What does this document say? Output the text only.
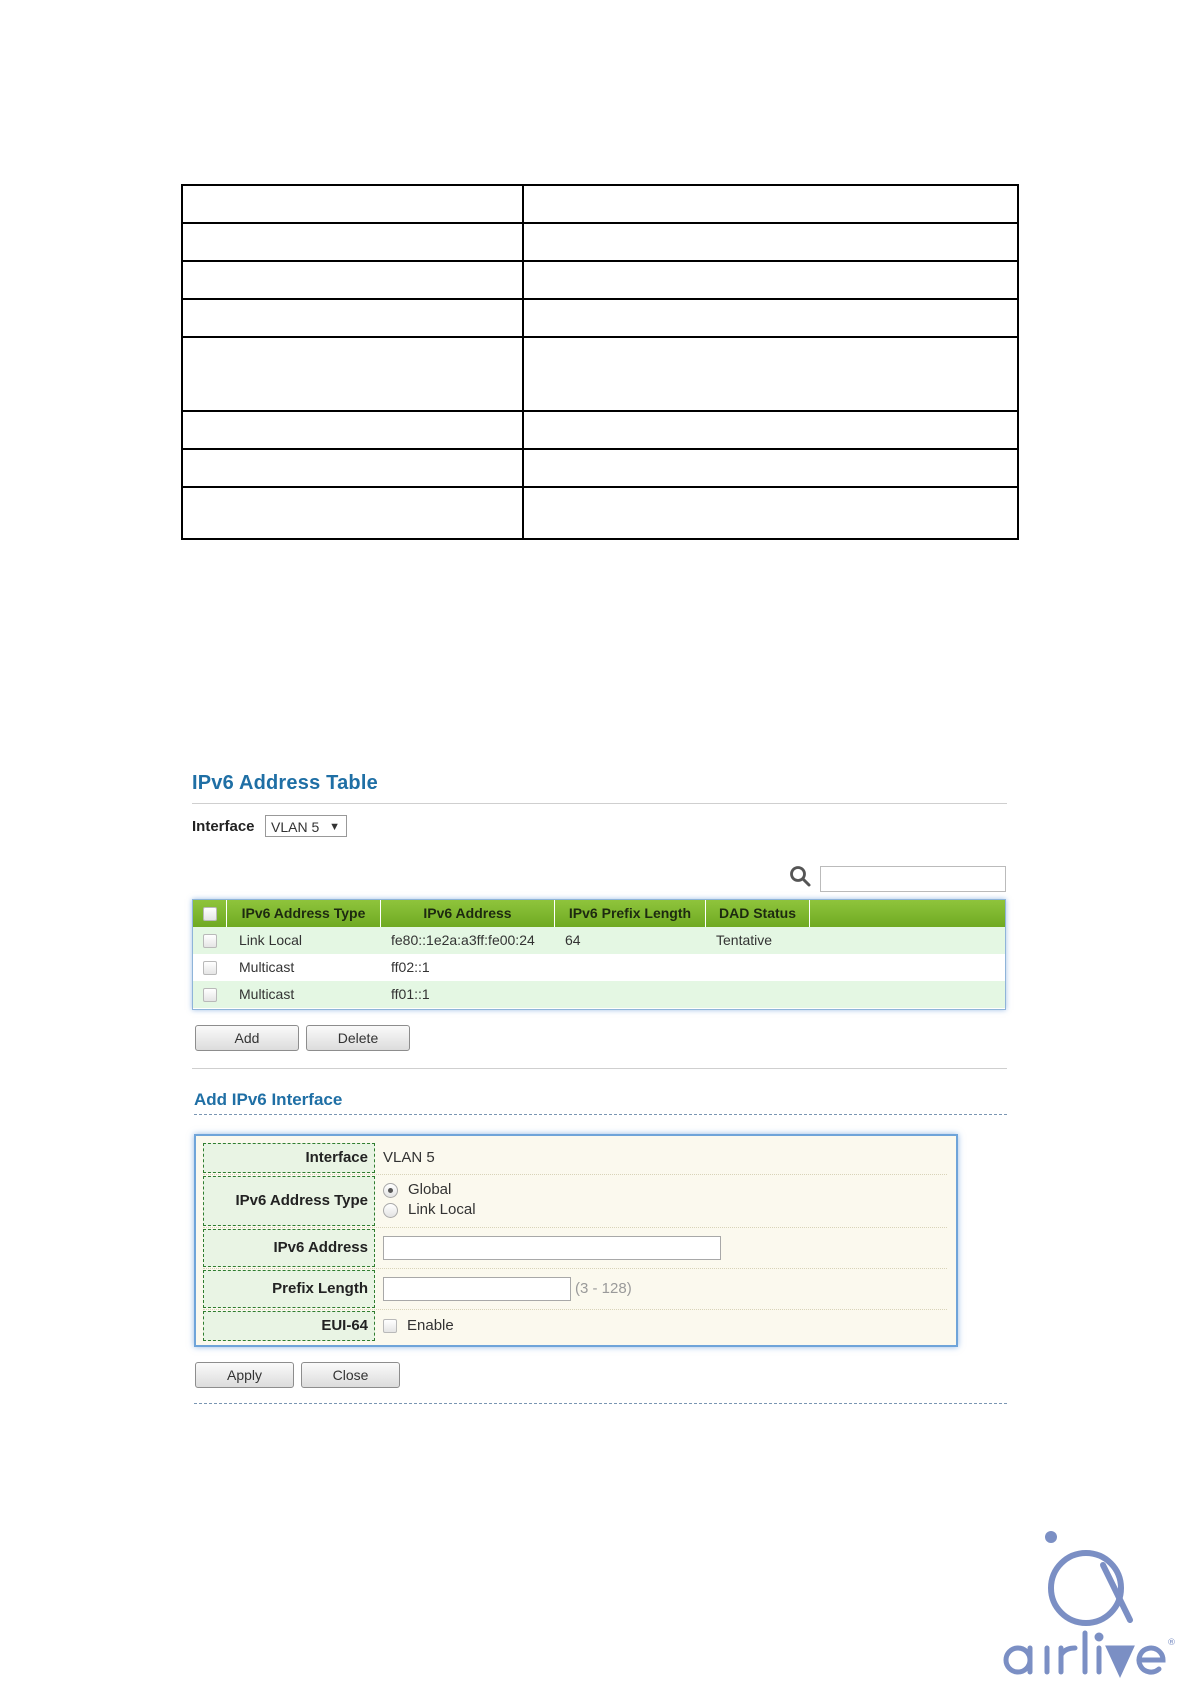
IPv6 Address Table
Interface	VLAN 5 ▼
IPv6 Address Type	IPv6 Address	IPv6 Prefix Length	DAD Status
Link Local	fe80::1e2a:a3ff:fe00:24	64	Tentative
Multicast	ff02::1
Multicast	ff01::1
Add	Delete
Add IPv6 Interface
Interface	VLAN 5
IPv6 Address Type
Global
Link Local
IPv6 Address
Prefix Length	(3 - 128)
EUI-64	Enable
Apply	Close
®
